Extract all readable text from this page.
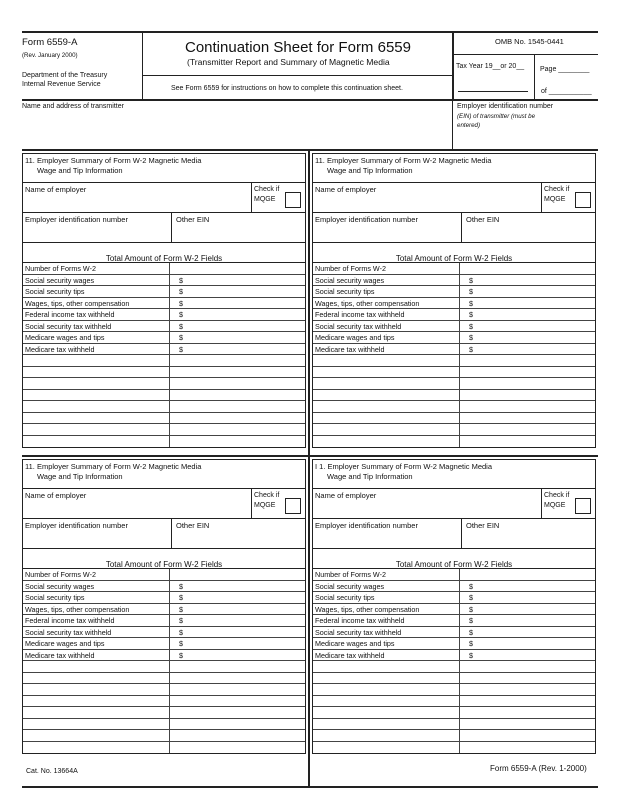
Form 6559-A
(Rev. January 2000)
Department of the Treasury
Internal Revenue Service
Continuation Sheet for Form 6559
(Transmitter Report and Summary of Magnetic Media
See Form 6559 for instructions on how to complete this continuation sheet.
OMB No. 1545-0441
Tax Year 19__or 20__ Page ________
of ___________
Name and address of transmitter	Employer identification number
(EIN) of transmitter (must be
entered)
11. Employer Summary of Form W-2 Magnetic Media
Wage and Tip Information
Name of employer	Check if
MQGE
Employer identification number	Other EIN
$_{Total Amount of Form W-2 Fields}$
Number of Forms W-2
Social security wages	$
Social security tips	$
Wages, tips, other compensation	$
Federal income tax withheld	$
Social security tax withheld	$
Medicare wages and tips	$
Medicare tax withheld	$
11. Employer Summary of Form W-2 Magnetic Media
Wage and Tip Information
Name of employer	Check if
MQGE
Employer identification number	Other EIN
$_{Total Amount of Form W-2 Fields}$
Number of Forms W-2
Social security wages	$
Social security tips	$
Wages, tips, other compensation	$
Federal income tax withheld	$
Social security tax withheld	$
Medicare wages and tips	$
Medicare tax withheld	$
11. Employer Summary of Form W-2 Magnetic Media
Wage and Tip Information
Name of employer	Check if
MQGE
Employer identification number	Other EIN
$_{Total Amount of Form W-2 Fields}$
Number of Forms W-2
Social security wages	$
Social security tips	$
Wages, tips, other compensation	$
Federal income tax withheld	$
Social security tax withheld	$
Medicare wages and tips	$
Medicare tax withheld	$
I 1. Employer Summary of Form W-2 Magnetic Media
Wage and Tip Information
Name of employer	Check if
MQGE
Employer identification number	Other EIN
$_{Total Amount of Form W-2 Fields}$
Number of Forms W-2
Social security wages	$
Social security tips	$
Wages, tips, other compensation	$
Federal income tax withheld	$
Social security tax withheld	$
Medicare wages and tips	$
Medicare tax withheld	$
Cat. No. 13664A	Form 6559-A (Rev. 1-2000)
